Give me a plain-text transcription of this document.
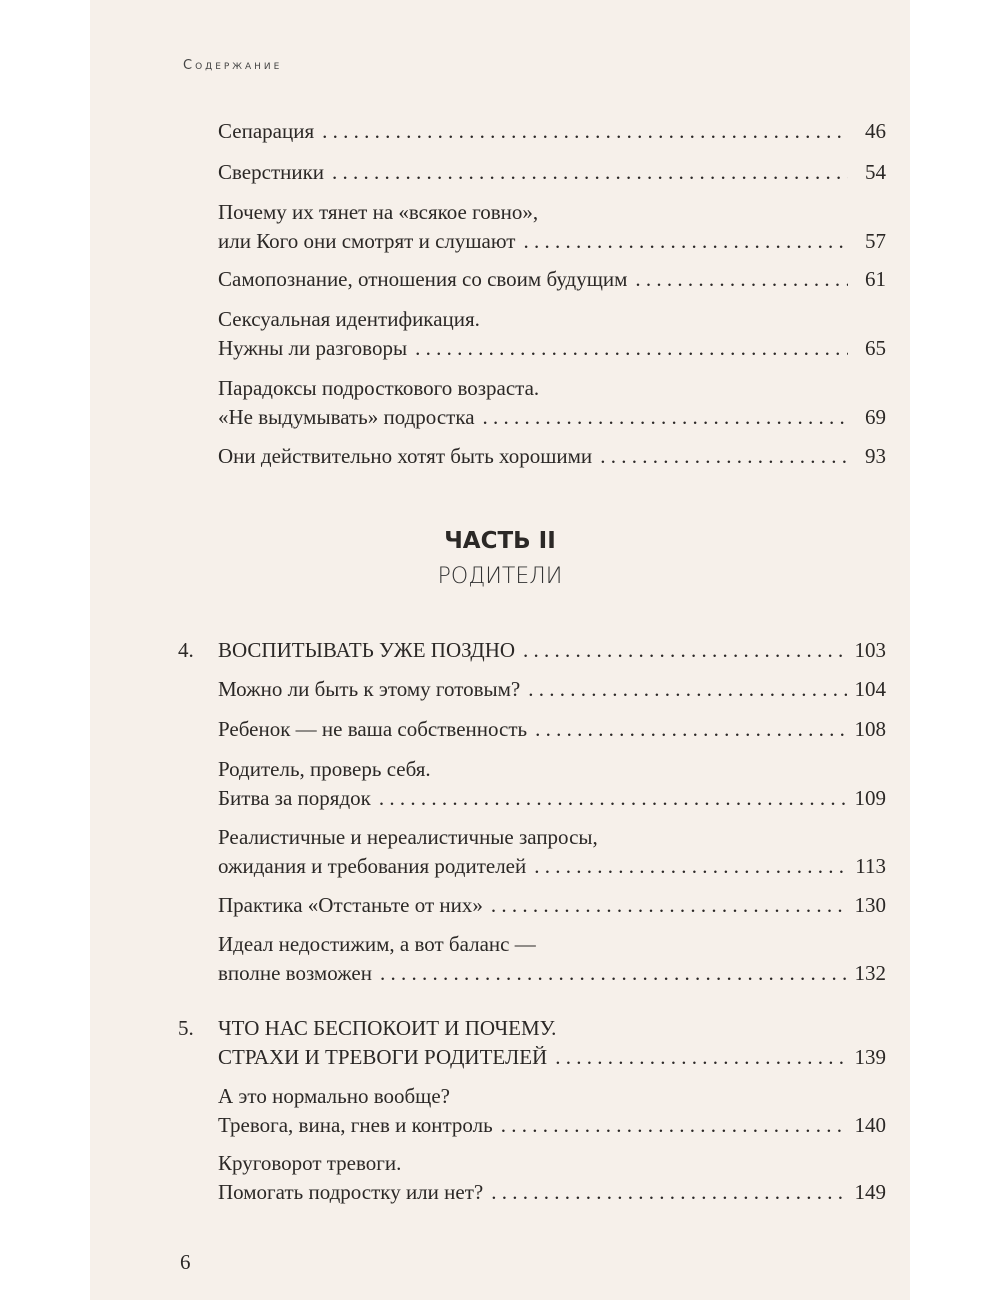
Содержание
Сепарация . . .	46
Сверстники . . .	54
Почему их тянет на «всякое говно»,
или Кого они смотрят и слушают . . .	57
Самопознание, отношения со своим будущим . . .	61
Сексуальная идентификация.
Нужны ли разговоры . . .	65
Парадоксы подросткового возраста.
«Не выдумывать» подростка . . .	69
Они действительно хотят быть хорошими . . .	93
4. ВОСПИТЫВАТЬ УЖЕ ПОЗДНО . . .	103
Можно ли быть к этому готовым? . . .	104
Ребенок — не ваша собственность . . .	108
Родитель, проверь себя.
Битва за порядок . . .	109
Реалистичные и нереалистичные запросы,
ожидания и требования родителей . . .	113
Практика «Отстаньте от них» . . .	130
Идеал недостижим, а вот баланс —
вполне возможен . . .	132
5. ЧТО НАС БЕСПОКОИТ И ПОЧЕМУ.
СТРАХИ И ТРЕВОГИ РОДИТЕЛЕЙ . . .	139
А это нормально вообще?
Тревога, вина, гнев и контроль . . .	140
Круговорот тревоги.
Помогать подростку или нет? . . .	149
ЧАСТЬ II
РОДИТЕЛИ
6
